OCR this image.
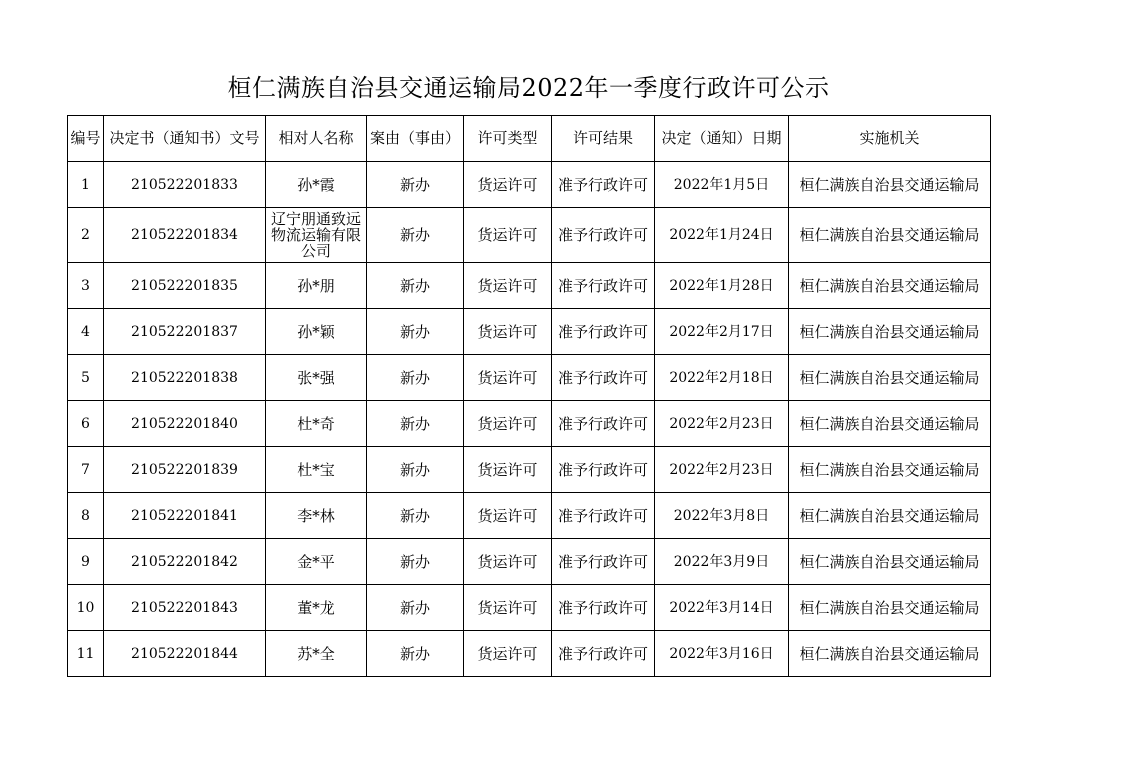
桓仁满族自治县交通运输局2022年一季度行政许可公示
编号	决定书（通知书）文号	相对人名称	案由（事由）	许可类型	许可结果	决定（通知）日期	实施机关
1	210522201833	孙*霞	新办	货运许可	准予行政许可	2022年1月5日	桓仁满族自治县交通运输局
2	210522201834	辽宁朋通致远物流运输有限公司	新办	货运许可	准予行政许可	2022年1月24日	桓仁满族自治县交通运输局
3	210522201835	孙*朋	新办	货运许可	准予行政许可	2022年1月28日	桓仁满族自治县交通运输局
4	210522201837	孙*颖	新办	货运许可	准予行政许可	2022年2月17日	桓仁满族自治县交通运输局
5	210522201838	张*强	新办	货运许可	准予行政许可	2022年2月18日	桓仁满族自治县交通运输局
6	210522201840	杜*奇	新办	货运许可	准予行政许可	2022年2月23日	桓仁满族自治县交通运输局
7	210522201839	杜*宝	新办	货运许可	准予行政许可	2022年2月23日	桓仁满族自治县交通运输局
8	210522201841	李*林	新办	货运许可	准予行政许可	2022年3月8日	桓仁满族自治县交通运输局
9	210522201842	金*平	新办	货运许可	准予行政许可	2022年3月9日	桓仁满族自治县交通运输局
10	210522201843	董*龙	新办	货运许可	准予行政许可	2022年3月14日	桓仁满族自治县交通运输局
11	210522201844	苏*全	新办	货运许可	准予行政许可	2022年3月16日	桓仁满族自治县交通运输局
